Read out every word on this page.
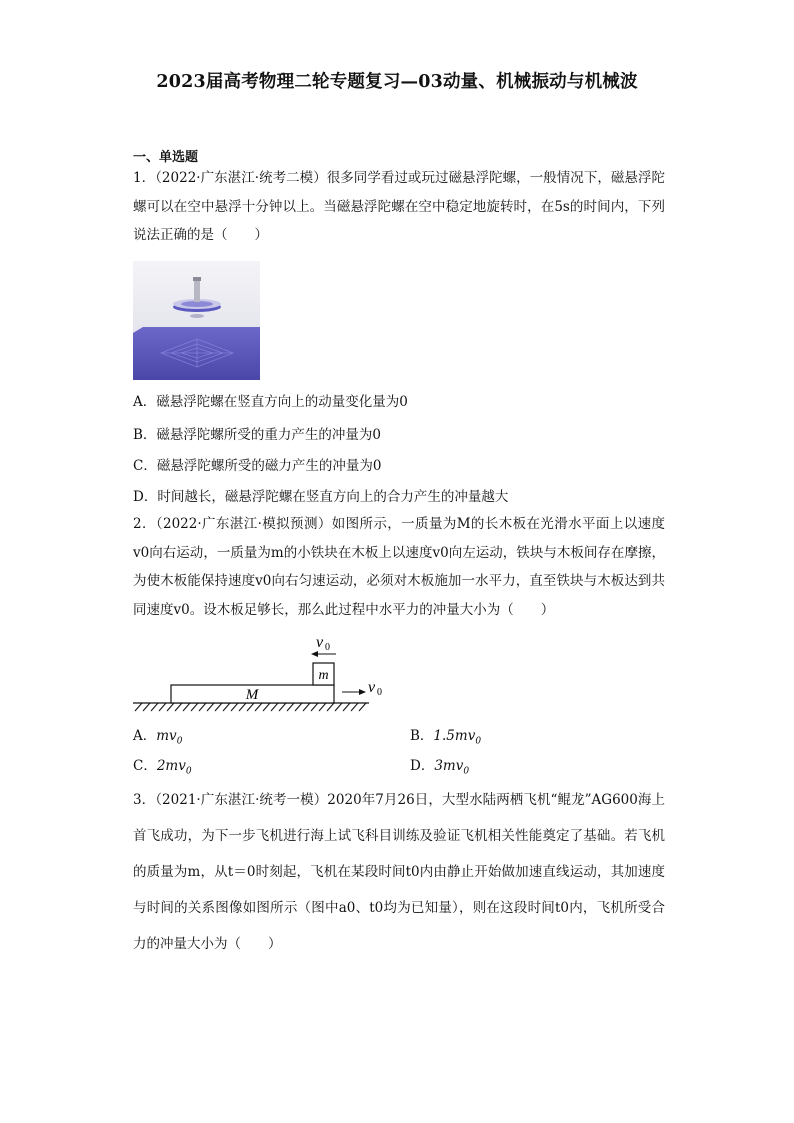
2023届高考物理二轮专题复习—03动量、机械振动与机械波
一、单选题
1．（2022·广东湛江·统考二模）很多同学看过或玩过磁悬浮陀螺，一般情况下，磁悬浮陀螺可以在空中悬浮十分钟以上。当磁悬浮陀螺在空中稳定地旋转时，在5s的时间内，下列说法正确的是（　　）
A．磁悬浮陀螺在竖直方向上的动量变化量为0
B．磁悬浮陀螺所受的重力产生的冲量为0
C．磁悬浮陀螺所受的磁力产生的冲量为0
D．时间越长，磁悬浮陀螺在竖直方向上的合力产生的冲量越大
2．（2022·广东湛江·模拟预测）如图所示，一质量为M的长木板在光滑水平面上以速度v0向右运动，一质量为m的小铁块在木板上以速度v0向左运动，铁块与木板间存在摩擦，为使木板能保持速度v0向右匀速运动，必须对木板施加一水平力，直至铁块与木板达到共同速度v0。设木板足够长，那么此过程中水平力的冲量大小为（　　）
M
m
v 0
v 0
A．$mv_0$	B．$1.5mv_0$
C．$2mv_0$	D．$3mv_0$
3．（2021·广东湛江·统考一模）2020年7月26日，大型水陆两栖飞机“鲲龙”AG600海上首飞成功，为下一步飞机进行海上试飞科目训练及验证飞机相关性能奠定了基础。若飞机的质量为m，从t＝0时刻起，飞机在某段时间t0内由静止开始做加速直线运动，其加速度与时间的关系图像如图所示（图中a0、t0均为已知量），则在这段时间t0内，飞机所受合力的冲量大小为（　　）
